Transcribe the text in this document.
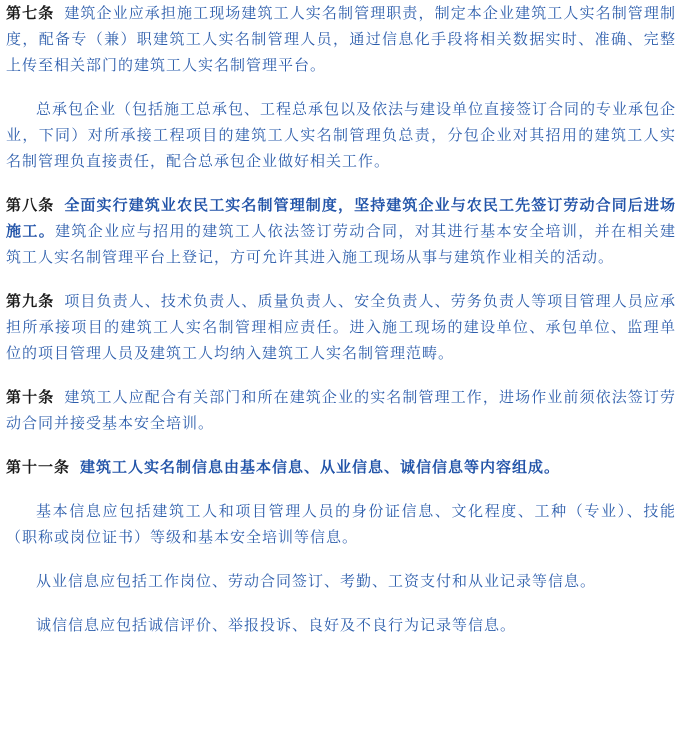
第七条 建筑企业应承担施工现场建筑工人实名制管理职责，制定本企业建筑工人实名制管理制度，配备专（兼）职建筑工人实名制管理人员，通过信息化手段将相关数据实时、准确、完整上传至相关部门的建筑工人实名制管理平台。

总承包企业（包括施工总承包、工程总承包以及依法与建设单位直接签订合同的专业承包企业，下同）对所承接工程项目的建筑工人实名制管理负总责，分包企业对其招用的建筑工人实名制管理负直接责任，配合总承包企业做好相关工作。

第八条 全面实行建筑业农民工实名制管理制度，坚持建筑企业与农民工先签订劳动合同后进场施工。建筑企业应与招用的建筑工人依法签订劳动合同，对其进行基本安全培训，并在相关建筑工人实名制管理平台上登记，方可允许其进入施工现场从事与建筑作业相关的活动。

第九条 项目负责人、技术负责人、质量负责人、安全负责人、劳务负责人等项目管理人员应承担所承接项目的建筑工人实名制管理相应责任。进入施工现场的建设单位、承包单位、监理单位的项目管理人员及建筑工人均纳入建筑工人实名制管理范畴。

第十条 建筑工人应配合有关部门和所在建筑企业的实名制管理工作，进场作业前须依法签订劳动合同并接受基本安全培训。

第十一条 建筑工人实名制信息由基本信息、从业信息、诚信信息等内容组成。

基本信息应包括建筑工人和项目管理人员的身份证信息、文化程度、工种（专业）、技能（职称或岗位证书）等级和基本安全培训等信息。

从业信息应包括工作岗位、劳动合同签订、考勤、工资支付和从业记录等信息。

诚信信息应包括诚信评价、举报投诉、良好及不良行为记录等信息。
